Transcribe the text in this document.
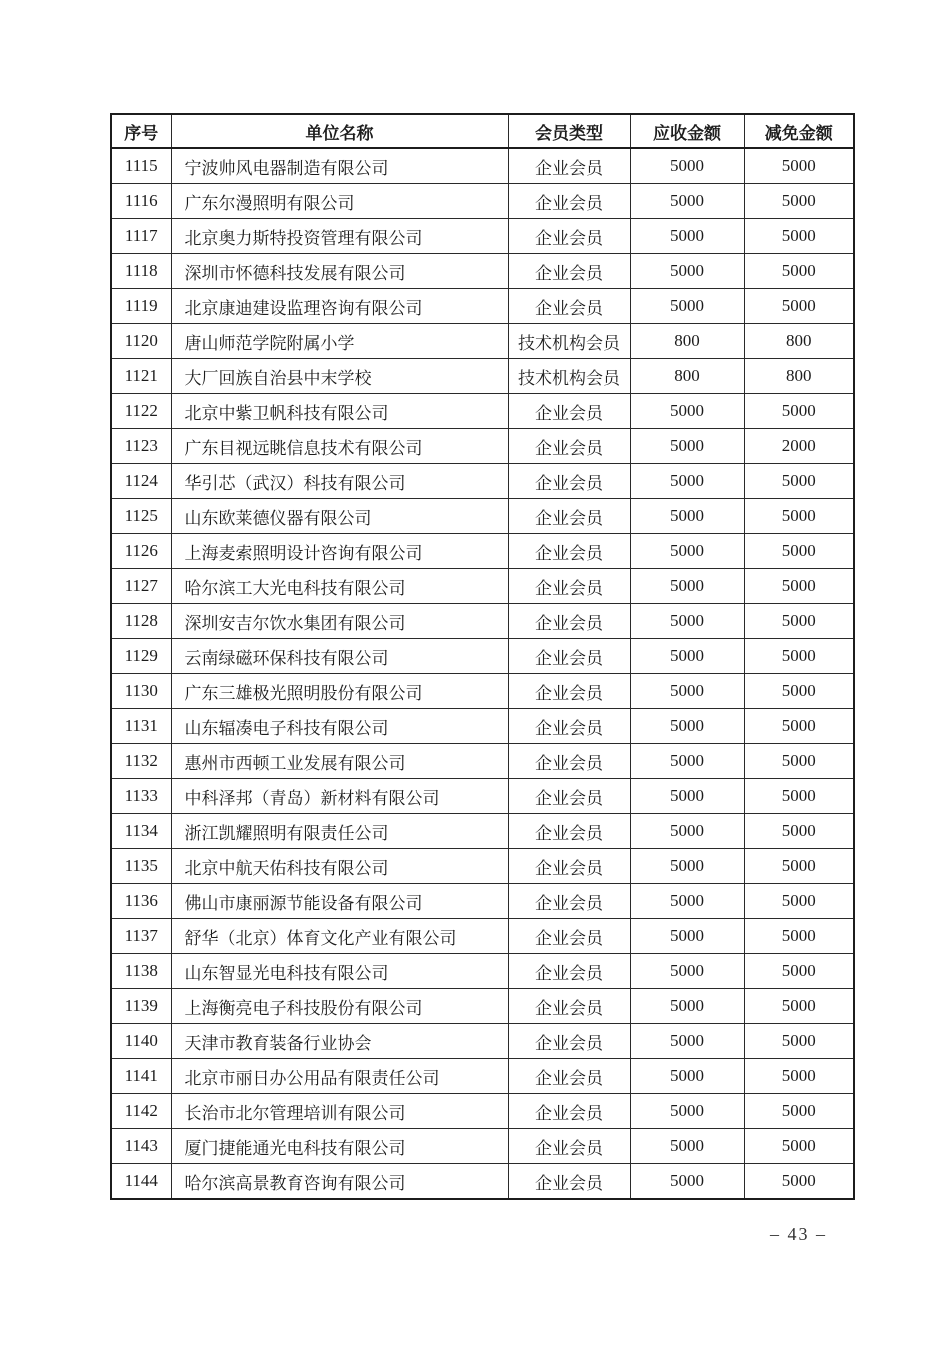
序号	单位名称	会员类型	应收金额	减免金额
1115	宁波帅风电器制造有限公司	企业会员	5000	5000
1116	广东尔漫照明有限公司	企业会员	5000	5000
1117	北京奥力斯特投资管理有限公司	企业会员	5000	5000
1118	深圳市怀德科技发展有限公司	企业会员	5000	5000
1119	北京康迪建设监理咨询有限公司	企业会员	5000	5000
1120	唐山师范学院附属小学	技术机构会员	800	800
1121	大厂回族自治县中末学校	技术机构会员	800	800
1122	北京中紫卫帆科技有限公司	企业会员	5000	5000
1123	广东目视远眺信息技术有限公司	企业会员	5000	2000
1124	华引芯（武汉）科技有限公司	企业会员	5000	5000
1125	山东欧莱德仪器有限公司	企业会员	5000	5000
1126	上海麦索照明设计咨询有限公司	企业会员	5000	5000
1127	哈尔滨工大光电科技有限公司	企业会员	5000	5000
1128	深圳安吉尔饮水集团有限公司	企业会员	5000	5000
1129	云南绿磁环保科技有限公司	企业会员	5000	5000
1130	广东三雄极光照明股份有限公司	企业会员	5000	5000
1131	山东辐凑电子科技有限公司	企业会员	5000	5000
1132	惠州市西顿工业发展有限公司	企业会员	5000	5000
1133	中科泽邦（青岛）新材料有限公司	企业会员	5000	5000
1134	浙江凯耀照明有限责任公司	企业会员	5000	5000
1135	北京中航天佑科技有限公司	企业会员	5000	5000
1136	佛山市康丽源节能设备有限公司	企业会员	5000	5000
1137	舒华（北京）体育文化产业有限公司	企业会员	5000	5000
1138	山东智显光电科技有限公司	企业会员	5000	5000
1139	上海衡亮电子科技股份有限公司	企业会员	5000	5000
1140	天津市教育装备行业协会	企业会员	5000	5000
1141	北京市丽日办公用品有限责任公司	企业会员	5000	5000
1142	长治市北尔管理培训有限公司	企业会员	5000	5000
1143	厦门捷能通光电科技有限公司	企业会员	5000	5000
1144	哈尔滨高景教育咨询有限公司	企业会员	5000	5000
– 43 –
